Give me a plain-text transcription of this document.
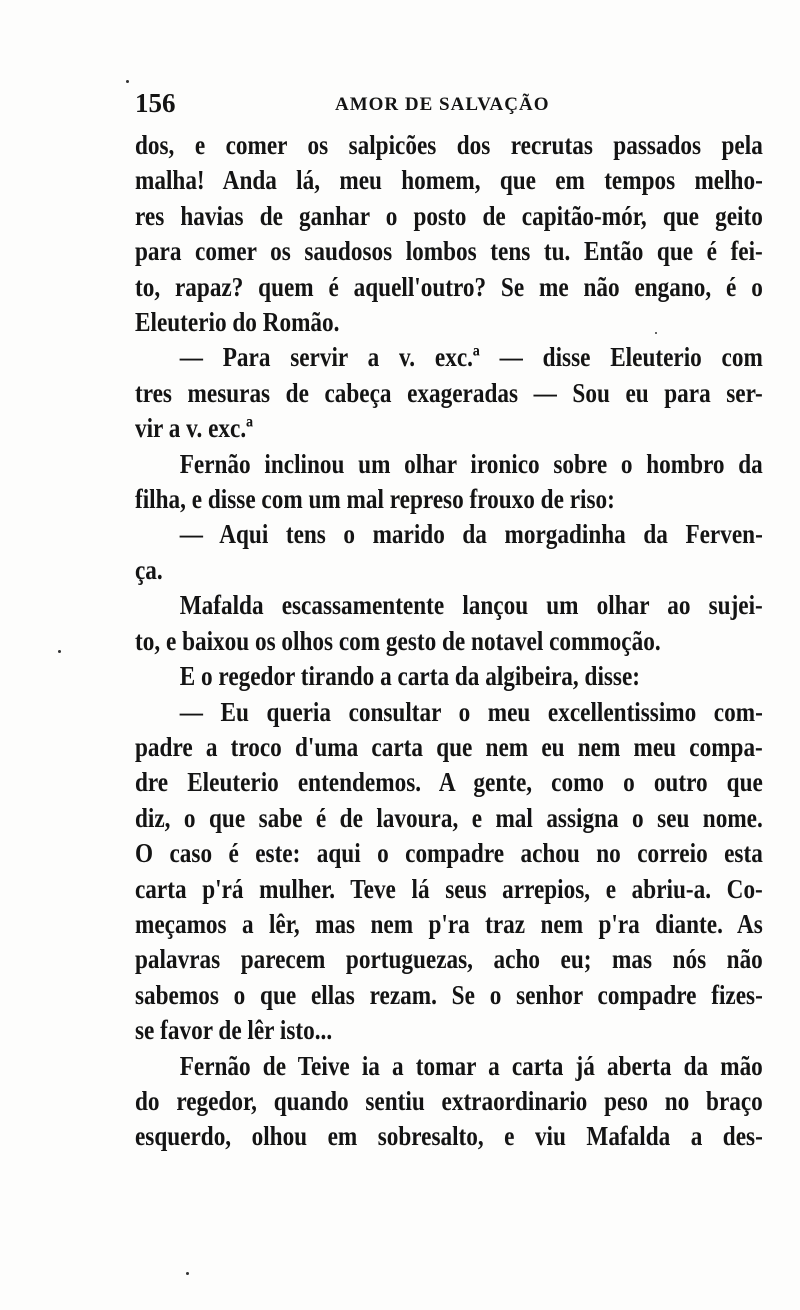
156	AMOR DE SALVAÇÃO

dos, e comer os salpicões dos recrutas passados pela

malha! Anda lá, meu homem, que em tempos melho-

res havias de ganhar o posto de capitão-mór, que geito

para comer os saudosos lombos tens tu. Então que é fei-

to, rapaz? quem é aquell'outro? Se me não engano, é o

Eleuterio do Romão.

— Para servir a v. exc.ª — disse Eleuterio com

tres mesuras de cabeça exageradas — Sou eu para ser-

vir a v. exc.ª

Fernão inclinou um olhar ironico sobre o hombro da

filha, e disse com um mal represo frouxo de riso:

— Aqui tens o marido da morgadinha da Ferven-

ça.

Mafalda escassamentente lançou um olhar ao sujei-

to, e baixou os olhos com gesto de notavel commoção.

E o regedor tirando a carta da algibeira, disse:

— Eu queria consultar o meu excellentissimo com-

padre a troco d'uma carta que nem eu nem meu compa-

dre Eleuterio entendemos. A gente, como o outro que

diz, o que sabe é de lavoura, e mal assigna o seu nome.

O caso é este: aqui o compadre achou no correio esta

carta p'rá mulher. Teve lá seus arrepios, e abriu-a. Co-

meçamos a lêr, mas nem p'ra traz nem p'ra diante. As

palavras parecem portuguezas, acho eu; mas nós não

sabemos o que ellas rezam. Se o senhor compadre fizes-

se favor de lêr isto...

Fernão de Teive ia a tomar a carta já aberta da mão

do regedor, quando sentiu extraordinario peso no braço

esquerdo, olhou em sobresalto, e viu Mafalda a des-
